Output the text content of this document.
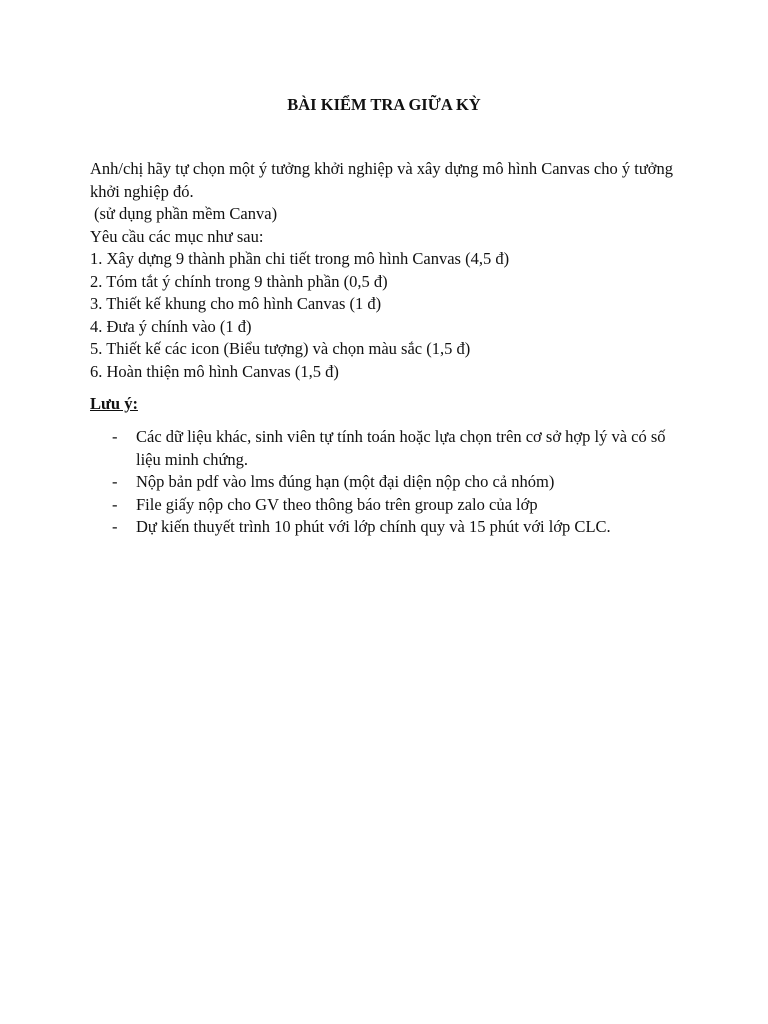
BÀI KIỂM TRA GIỮA KỲ

Anh/chị hãy tự chọn một ý tưởng khởi nghiệp và xây dựng mô hình Canvas cho ý tưởng khởi nghiệp đó.

(sử dụng phần mềm Canva)

Yêu cầu các mục như sau:

1. Xây dựng 9 thành phần chi tiết trong mô hình Canvas (4,5 đ)

2. Tóm tắt ý chính trong 9 thành phần (0,5 đ)

3. Thiết kế khung cho mô hình Canvas (1 đ)

4. Đưa ý chính vào (1 đ)

5. Thiết kế các icon (Biểu tượng) và chọn màu sắc (1,5 đ)

6. Hoàn thiện mô hình Canvas (1,5 đ)

Lưu ý:
- Các dữ liệu khác, sinh viên tự tính toán hoặc lựa chọn trên cơ sở hợp lý và có số liệu minh chứng.
- Nộp bản pdf vào lms đúng hạn (một đại diện nộp cho cả nhóm)
- File giấy nộp cho GV theo thông báo trên group zalo của lớp
- Dự kiến thuyết trình 10 phút với lớp chính quy và 15 phút với lớp CLC.
